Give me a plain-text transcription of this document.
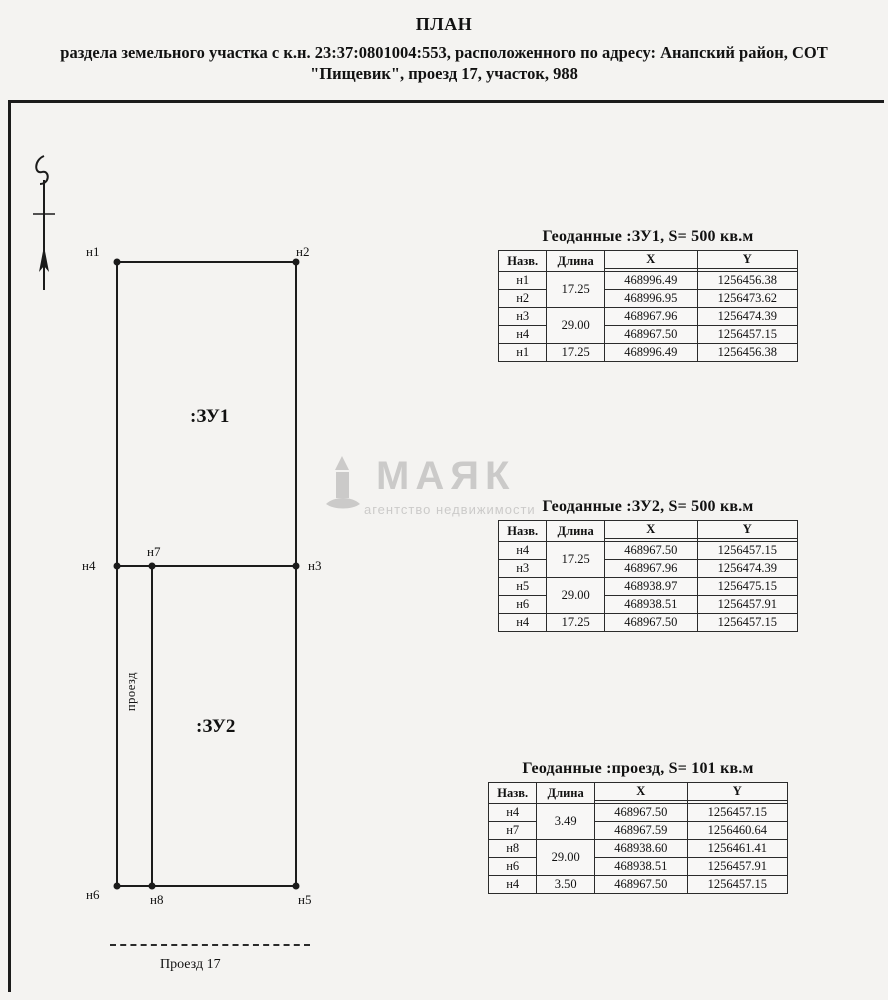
ПЛАН
раздела земельного участка с к.н. 23:37:0801004:553, расположенного по адресу: Анапский район, СОТ "Пищевик", проезд 17, участок, 988
н1	н2
н3
н4
н7
н5
н8
н6
:ЗУ1
:ЗУ2
проезд
Проезд 17
МАЯК
агентство недвижимости
Геоданные :ЗУ1, S= 500 кв.м
Назв.	Длина	X	Y

н1	17.25	468996.49	1256456.38
н2		468996.95	1256473.62
н3	29.00	468967.96	1256474.39
н4		468967.50	1256457.15
н1	17.25	468996.49	1256456.38
Геоданные :ЗУ2, S= 500 кв.м
Назв.	Длина	X	Y

н4	17.25	468967.50	1256457.15
н3		468967.96	1256474.39
н5	29.00	468938.97	1256475.15
н6		468938.51	1256457.91
н4	17.25	468967.50	1256457.15
Геоданные :проезд, S= 101 кв.м
Назв.	Длина	X	Y

н4	3.49	468967.50	1256457.15
н7		468967.59	1256460.64
н8	29.00	468938.60	1256461.41
н6		468938.51	1256457.91
н4	3.50	468967.50	1256457.15
